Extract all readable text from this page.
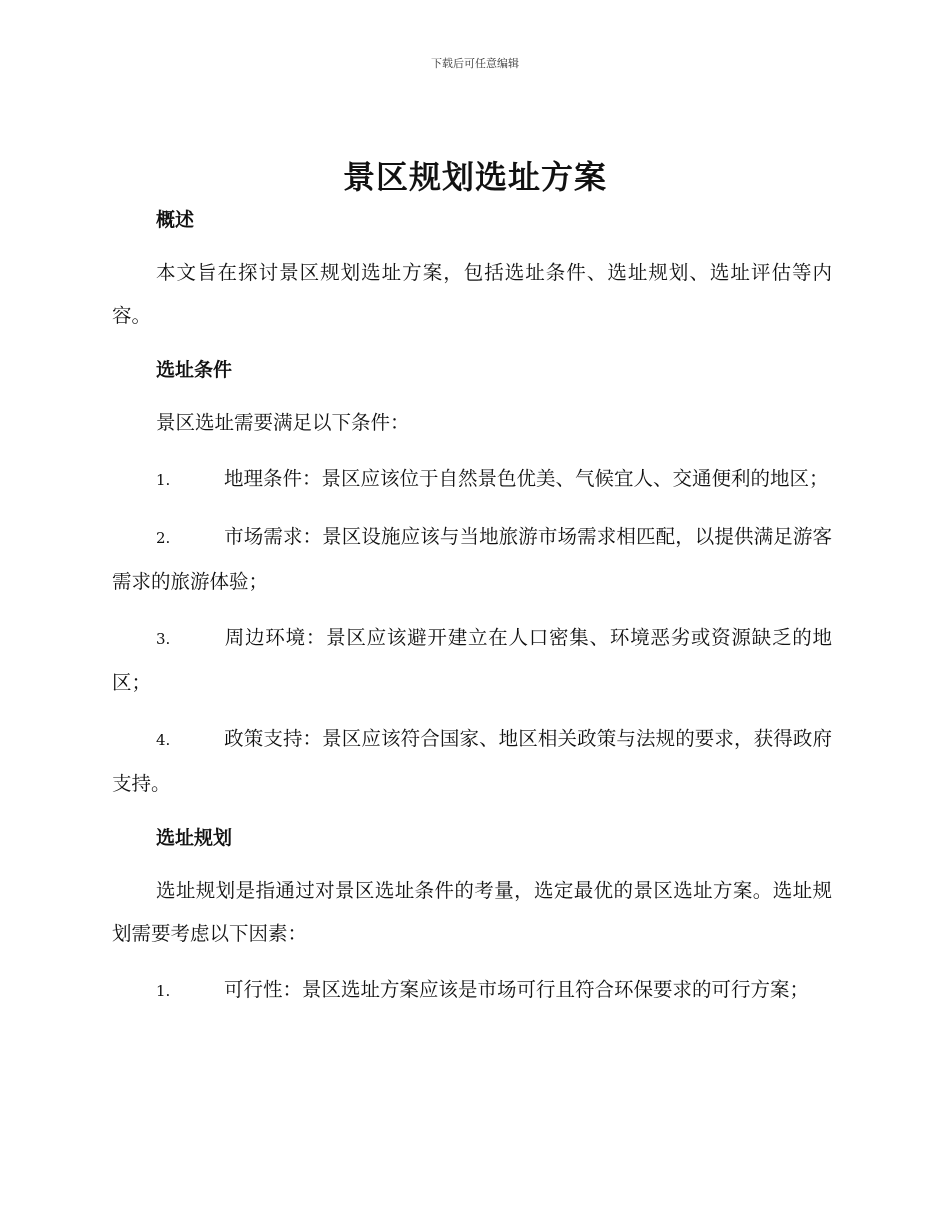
下载后可任意编辑
景区规划选址方案
概述

本文旨在探讨景区规划选址方案，包括选址条件、选址规划、选址评估等内容。

选址条件

景区选址需要满足以下条件：

1.	地理条件：景区应该位于自然景色优美、气候宜人、交通便利的地区；

2.	市场需求：景区设施应该与当地旅游市场需求相匹配，以提供满足游客需求的旅游体验；

3.	周边环境：景区应该避开建立在人口密集、环境恶劣或资源缺乏的地区；

4.	政策支持：景区应该符合国家、地区相关政策与法规的要求，获得政府支持。

选址规划

选址规划是指通过对景区选址条件的考量，选定最优的景区选址方案。选址规划需要考虑以下因素：

1.	可行性：景区选址方案应该是市场可行且符合环保要求的可行方案；
